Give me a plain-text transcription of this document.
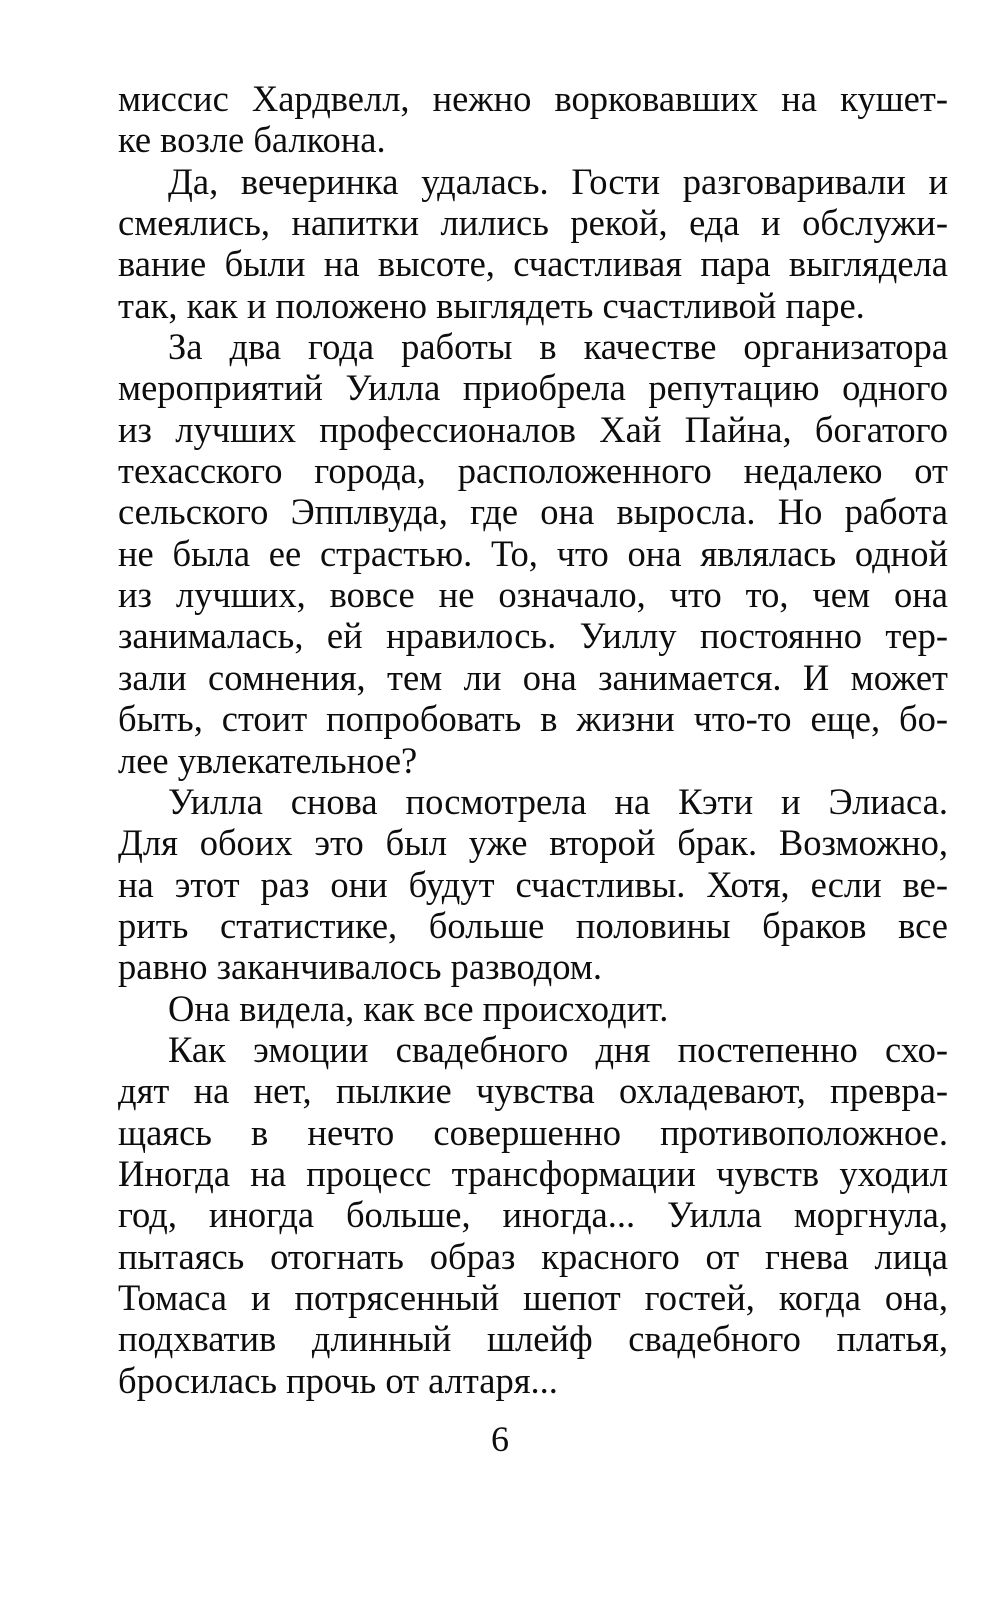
миссис Хардвелл, нежно ворковавших на кушет-
ке возле балкона.
Да, вечеринка удалась. Гости разговаривали и
смеялись, напитки лились рекой, еда и обслужи-
вание были на высоте, счастливая пара выглядела
так, как и положено выглядеть счастливой паре.
За два года работы в качестве организатора
мероприятий Уилла приобрела репутацию одного
из лучших профессионалов Хай Пайна, богатого
техасского города, расположенного недалеко от
сельского Эпплвуда, где она выросла. Но работа
не была ее страстью. То, что она являлась одной
из лучших, вовсе не означало, что то, чем она
занималась, ей нравилось. Уиллу постоянно тер-
зали сомнения, тем ли она занимается. И может
быть, стоит попробовать в жизни что-то еще, бо-
лее увлекательное?
Уилла снова посмотрела на Кэти и Элиаса.
Для обоих это был уже второй брак. Возможно,
на этот раз они будут счастливы. Хотя, если ве-
рить статистике, больше половины браков все
равно заканчивалось разводом.
Она видела, как все происходит.
Как эмоции свадебного дня постепенно схо-
дят на нет, пылкие чувства охладевают, превра-
щаясь в нечто совершенно противоположное.
Иногда на процесс трансформации чувств уходил
год, иногда больше, иногда... Уилла моргнула,
пытаясь отогнать образ красного от гнева лица
Томаса и потрясенный шепот гостей, когда она,
подхватив длинный шлейф свадебного платья,
бросилась прочь от алтаря...
6
